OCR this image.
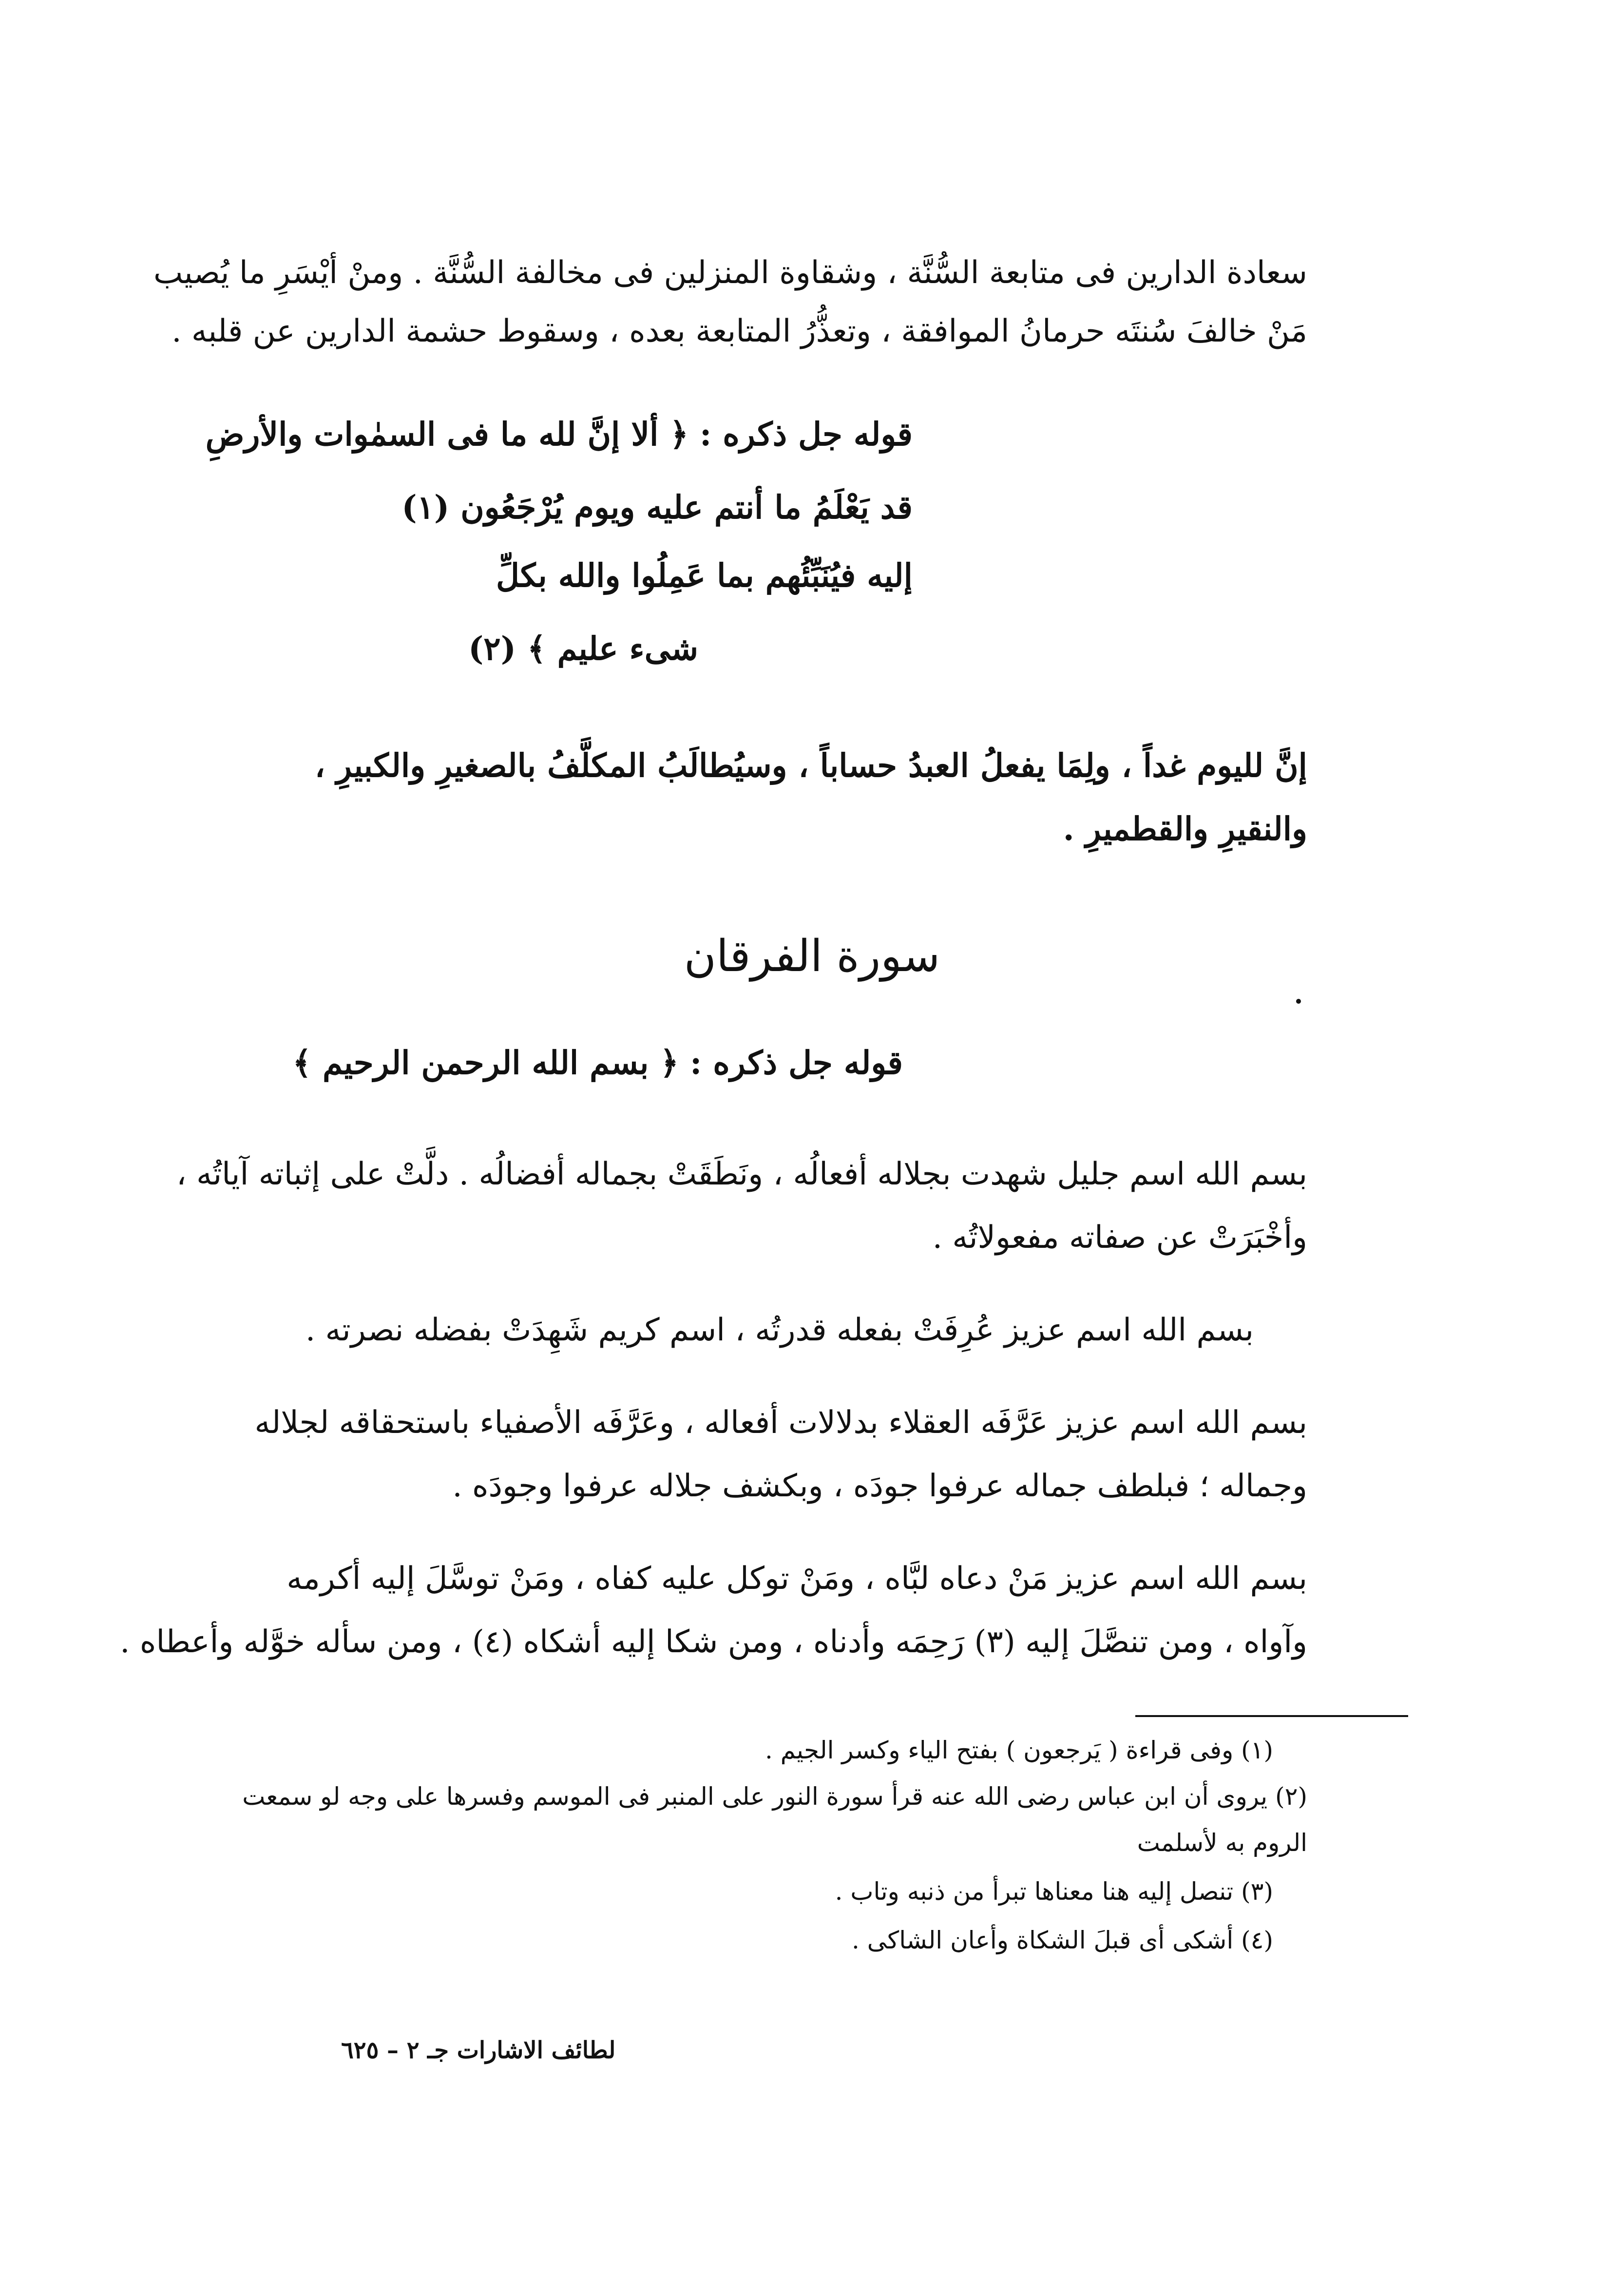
سعادة الدارين فى متابعة السُّنَّة ، وشقاوة المنزلين فى مخالفة السُّنَّة . ومنْ أيْسَرِ ما يُصيب
مَنْ خالفَ سُنتَه حرمانُ الموافقة ، وتعذُّرُ المتابعة بعده ، وسقوط حشمة الدارين عن قلبه .
قوله جل ذكره : ﴿ ألا إنَّ لله ما فى السمٰوات والأرضِ
قد يَعْلَمُ ما أنتم عليه ويوم يُرْجَعُون (١)
إليه فيُنَبِّئُهم بما عَمِلُوا والله بكلِّ
شىء عليم ﴾ (٢)
إنَّ لليوم غداً ، ولِمَا يفعلُ العبدُ حساباً ، وسيُطالَبُ المكلَّفُ بالصغيرِ والكبيرِ ،
والنقيرِ والقطميرِ .
سورة الفرقان
قوله جل ذكره : ﴿ بسم الله الرحمن الرحيم ﴾
بسم الله اسم جليل شهدت بجلاله أفعالُه ، ونَطَقَتْ بجماله أفضالُه . دلَّتْ على إثباته آياتُه ،
وأخْبَرَتْ عن صفاته مفعولاتُه .
بسم الله اسم عزيز عُرِفَتْ بفعله قدرتُه ، اسم كريم شَهِدَتْ بفضله نصرته .
بسم الله اسم عزيز عَرَّفَه العقلاء بدلالات أفعاله ، وعَرَّفَه الأصفياء باستحقاقه لجلاله
وجماله ؛ فبلطف جماله عرفوا جودَه ، وبكشف جلاله عرفوا وجودَه .
بسم الله اسم عزيز مَنْ دعاه لبَّاه ، ومَنْ توكل عليه كفاه ، ومَنْ توسَّلَ إليه أكرمه
وآواه ، ومن تنصَّلَ إليه (٣) رَحِمَه وأدناه ، ومن شكا إليه أشكاه (٤) ، ومن سأله خوَّله وأعطاه .
(١) وفى قراءة ( يَرجعون ) بفتح الياء وكسر الجيم .
(٢) يروى أن ابن عباس رضى الله عنه قرأ سورة النور على المنبر فى الموسم وفسرها على وجه لو سمعت
الروم به لأسلمت
(٣) تنصل إليه هنا معناها تبرأ من ذنبه وتاب .
(٤) أشكى أى قبلَ الشكاة وأعان الشاكى .
لطائف الاشارات جـ ٢ – ٦٢٥
